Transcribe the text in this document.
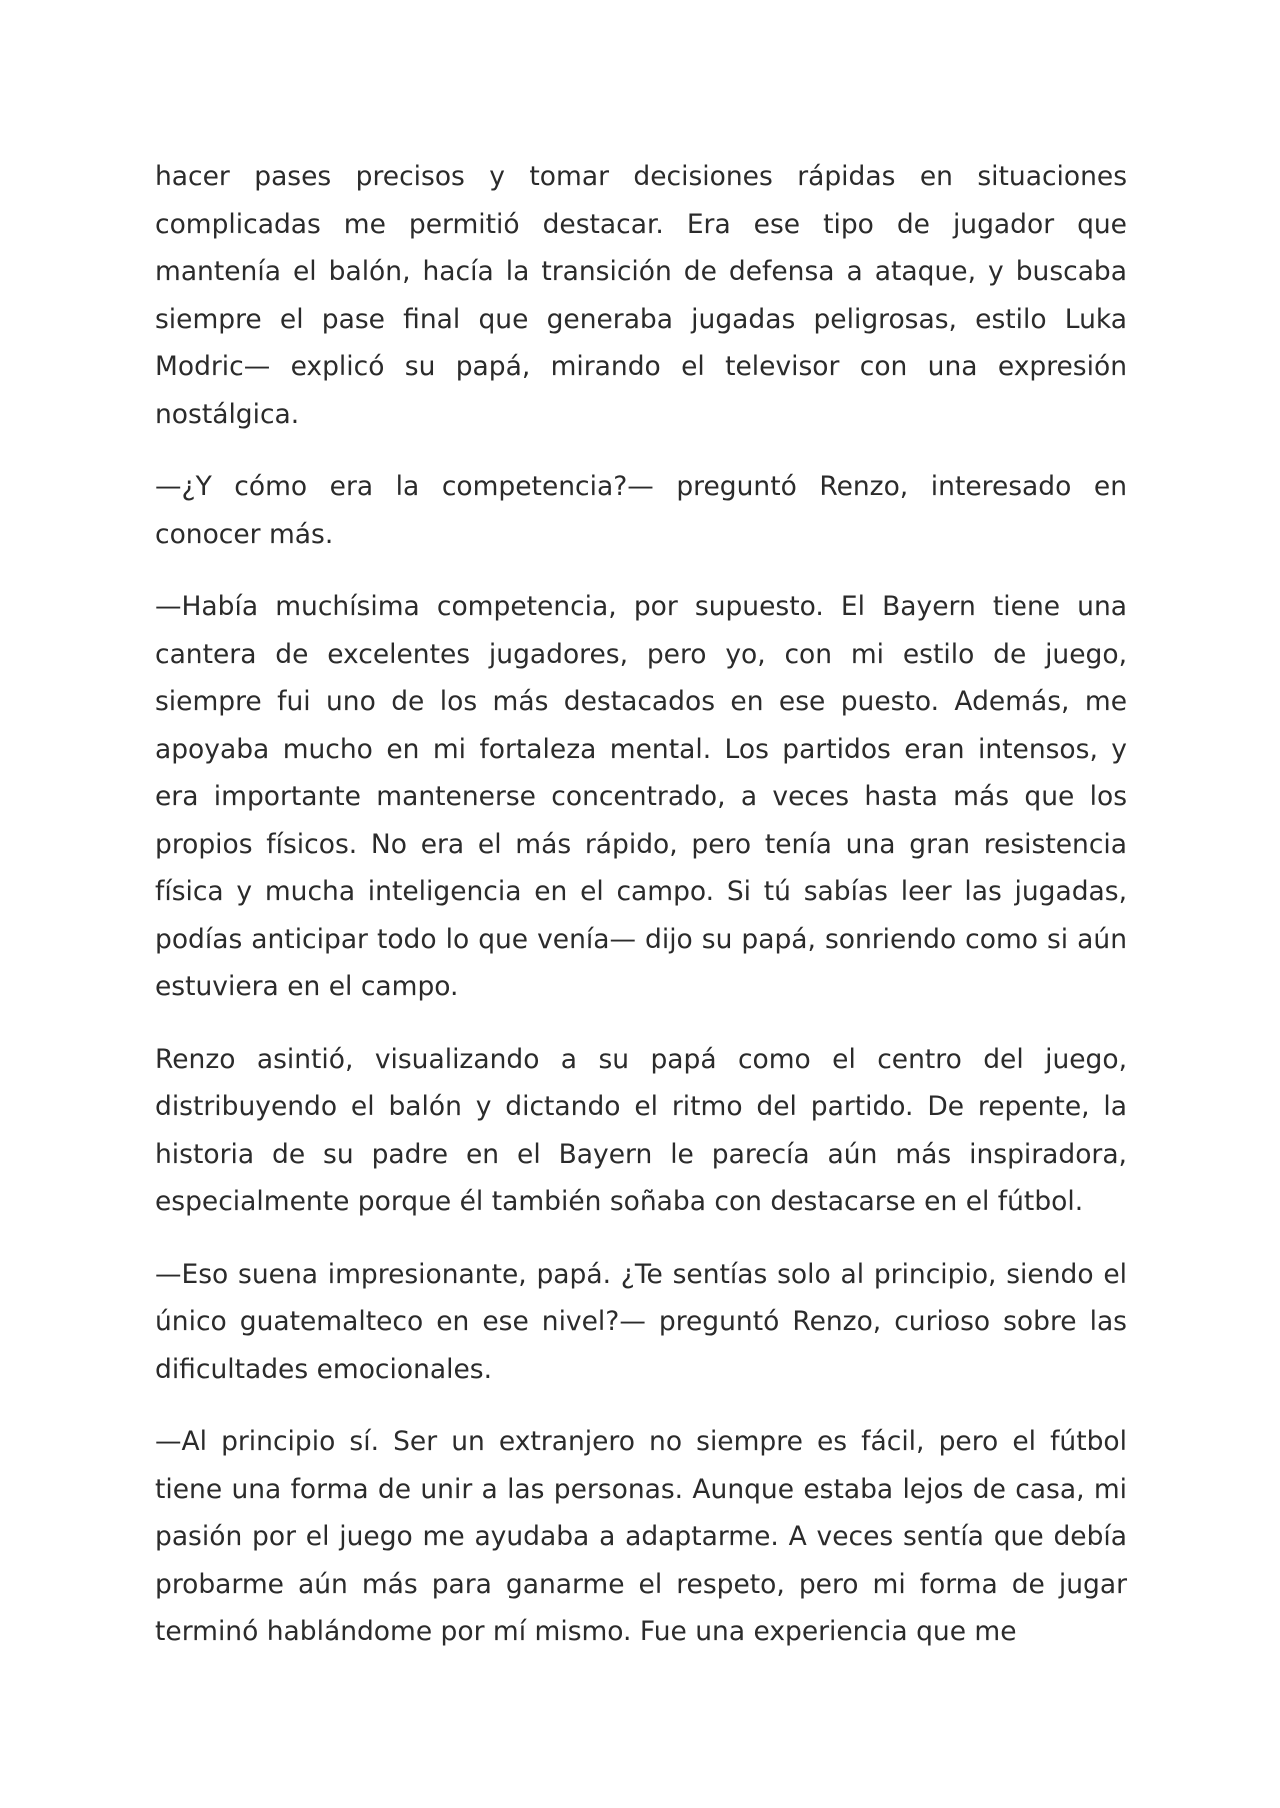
hacer pases precisos y tomar decisiones rápidas en situaciones complicadas me permitió destacar. Era ese tipo de jugador que mantenía el balón, hacía la transición de defensa a ataque, y buscaba siempre el pase final que generaba jugadas peligrosas, estilo Luka Modric— explicó su papá, mirando el televisor con una expresión nostálgica.

—¿Y cómo era la competencia?— preguntó Renzo, interesado en conocer más.

—Había muchísima competencia, por supuesto. El Bayern tiene una cantera de excelentes jugadores, pero yo, con mi estilo de juego, siempre fui uno de los más destacados en ese puesto. Además, me apoyaba mucho en mi fortaleza mental. Los partidos eran intensos, y era importante mantenerse concentrado, a veces hasta más que los propios físicos. No era el más rápido, pero tenía una gran resistencia física y mucha inteligencia en el campo. Si tú sabías leer las jugadas, podías anticipar todo lo que venía— dijo su papá, sonriendo como si aún estuviera en el campo.

Renzo asintió, visualizando a su papá como el centro del juego, distribuyendo el balón y dictando el ritmo del partido. De repente, la historia de su padre en el Bayern le parecía aún más inspiradora, especialmente porque él también soñaba con destacarse en el fútbol.

—Eso suena impresionante, papá. ¿Te sentías solo al principio, siendo el único guatemalteco en ese nivel?— preguntó Renzo, curioso sobre las dificultades emocionales.

—Al principio sí. Ser un extranjero no siempre es fácil, pero el fútbol tiene una forma de unir a las personas. Aunque estaba lejos de casa, mi pasión por el juego me ayudaba a adaptarme. A veces sentía que debía probarme aún más para ganarme el respeto, pero mi forma de jugar terminó hablándome por mí mismo. Fue una experiencia que me
